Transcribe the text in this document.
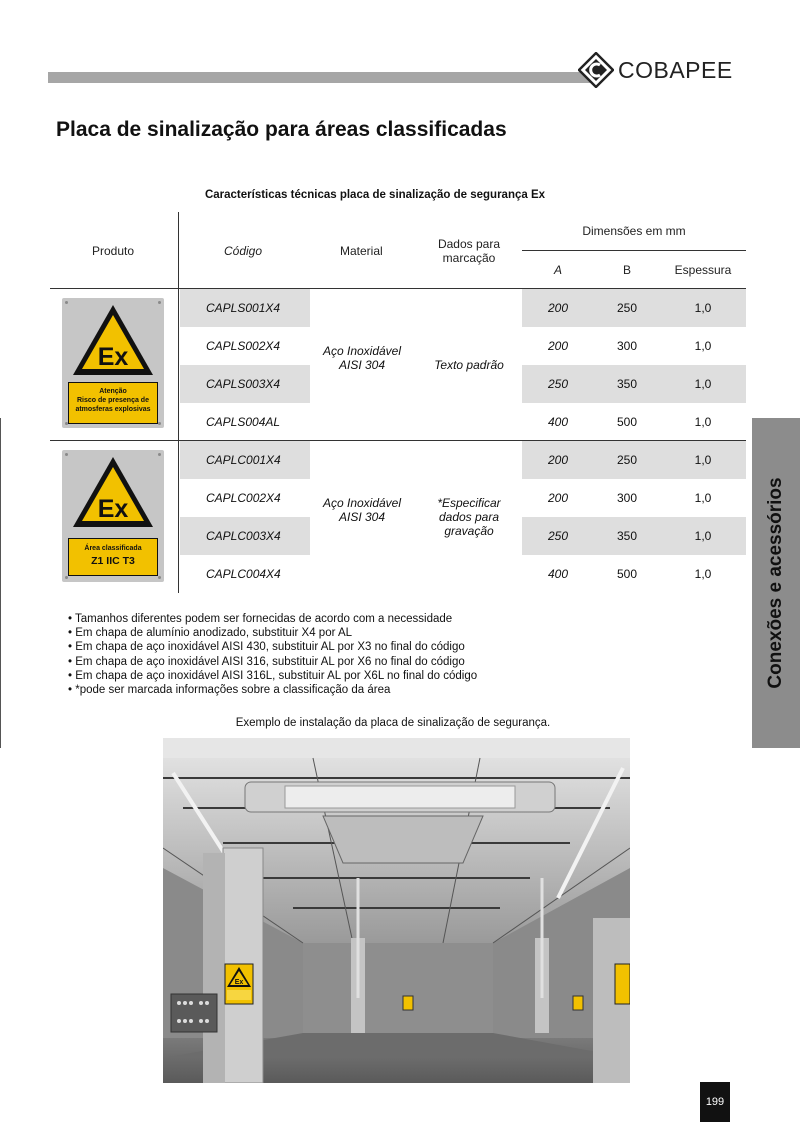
COBAPEE
Placa de sinalização para áreas classificadas
Características técnicas placa de sinalização de segurança Ex
Produto	Código	Material	Dados para marcação
Dimensões em mm
A	B	Espessura
CAPLS001X4	200	250	1,0
CAPLS002X4	200	300	1,0
CAPLS003X4	250	350	1,0
CAPLS004AL	400	500	1,0
Aço Inoxidável AISI 304	Texto padrão
CAPLC001X4	200	250	1,0
CAPLC002X4	200	300	1,0
CAPLC003X4	250	350	1,0
CAPLC004X4	400	500	1,0
Aço Inoxidável AISI 304
*Especificar dados para gravação
Ex
Atenção
Risco de presença de
atmosferas explosivas
Ex
Área classificada
Z1 IIC T3
• Tamanhos diferentes podem ser fornecidas de acordo com a necessidade
• Em chapa de alumínio anodizado, substituir X4 por AL
• Em chapa de aço inoxidável AISI 430, substituir AL por X3 no final do código
• Em chapa de aço inoxidável AISI 316, substituir AL por X6 no final do código
• Em chapa de aço inoxidável AISI 316L, substituir AL por X6L no final do código
• *pode ser marcada informações sobre a classificação da área
Exemplo de instalação da placa de sinalização de segurança.
Ex
Conexões e acessórios
199
